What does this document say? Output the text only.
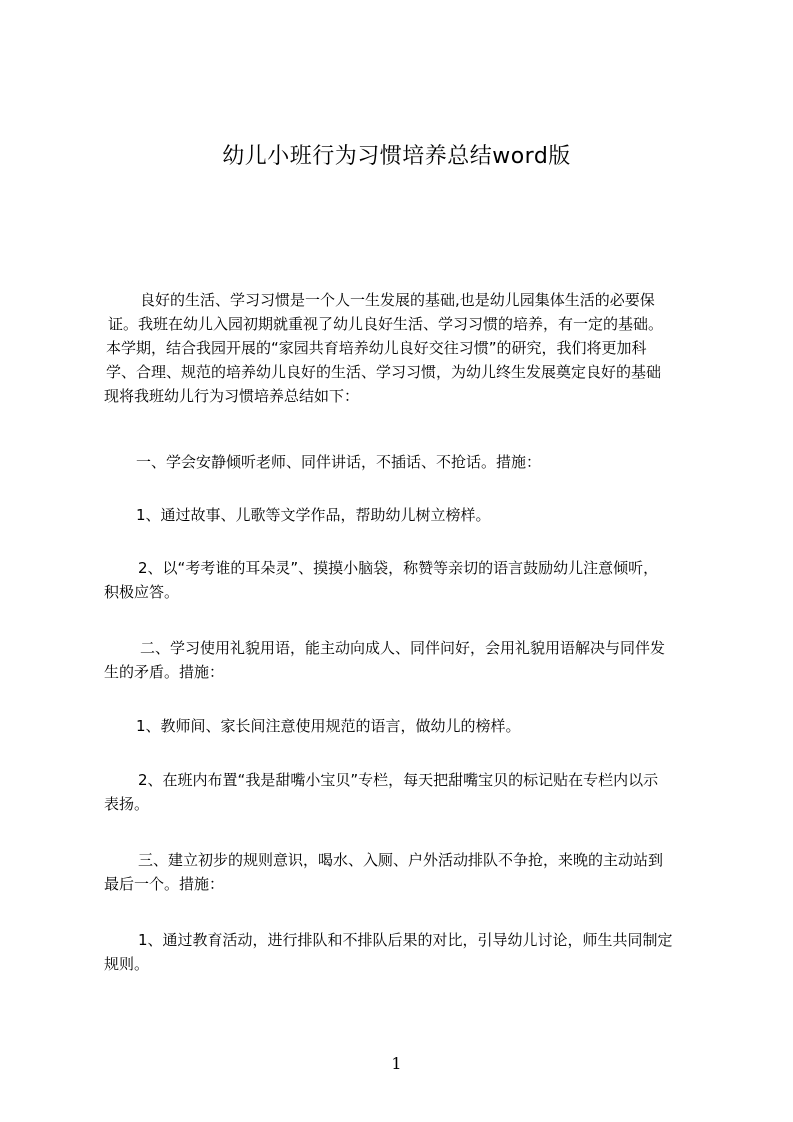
幼儿小班行为习惯培养总结word版
良好的生活、学习习惯是一个人一生发展的基础,也是幼儿园集体生活的必要保
证。我班在幼儿入园初期就重视了幼儿良好生活、学习习惯的培养，有一定的基础。
本学期，结合我园开展的“家园共育培养幼儿良好交往习惯”的研究，我们将更加科
学、合理、规范的培养幼儿良好的生活、学习习惯，为幼儿终生发展奠定良好的基础
现将我班幼儿行为习惯培养总结如下：
一、学会安静倾听老师、同伴讲话，不插话、不抢话。措施：
1、通过故事、儿歌等文学作品，帮助幼儿树立榜样。
2、以“考考谁的耳朵灵”、摸摸小脑袋，称赞等亲切的语言鼓励幼儿注意倾听，
积极应答。
二、学习使用礼貌用语，能主动向成人、同伴问好，会用礼貌用语解决与同伴发
生的矛盾。措施：
1、教师间、家长间注意使用规范的语言，做幼儿的榜样。
2、在班内布置“我是甜嘴小宝贝”专栏，每天把甜嘴宝贝的标记贴在专栏内以示
表扬。
三、建立初步的规则意识，喝水、入厕、户外活动排队不争抢，来晚的主动站到
最后一个。措施：
1、通过教育活动，进行排队和不排队后果的对比，引导幼儿讨论，师生共同制定
规则。
1
